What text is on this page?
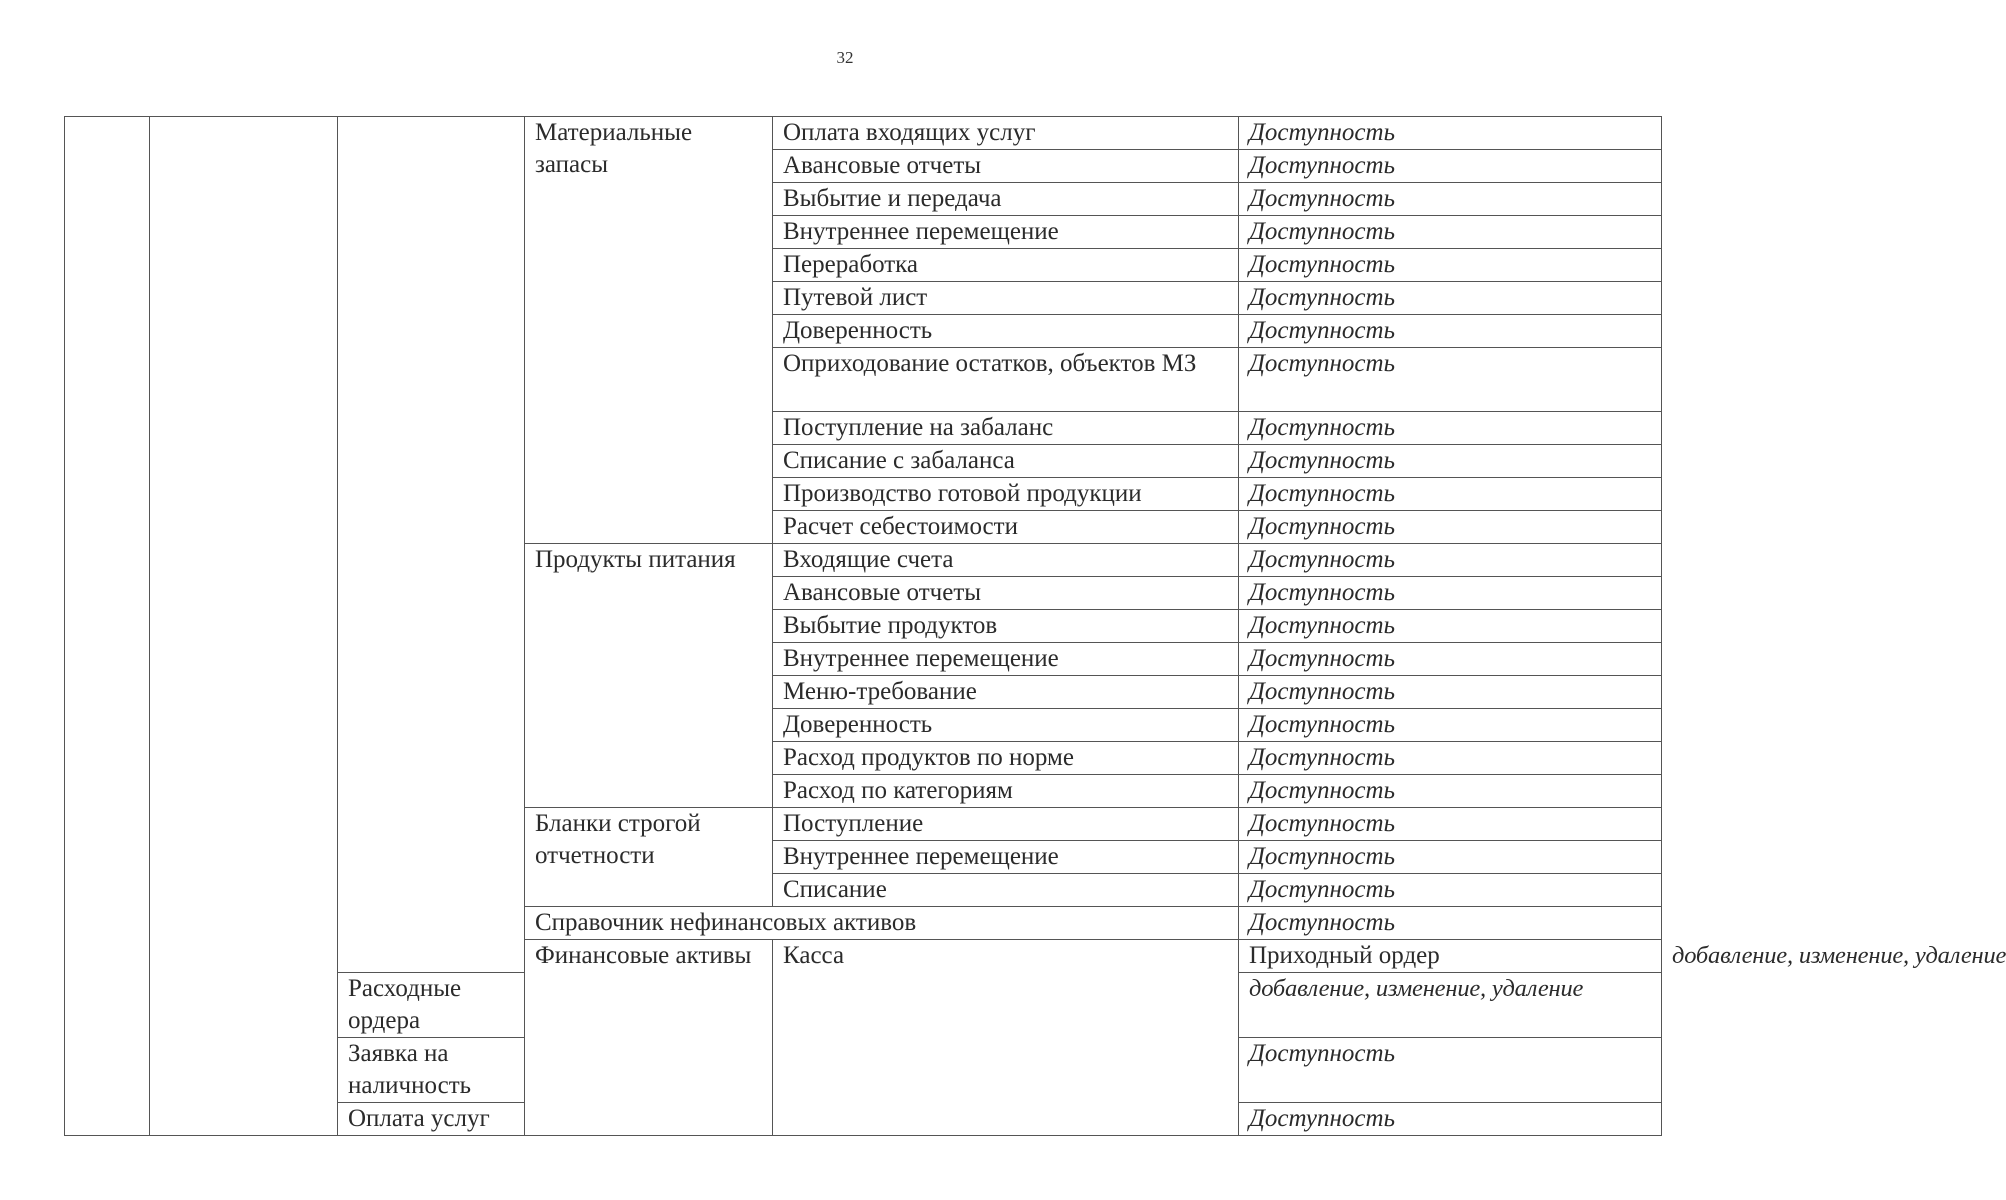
32
			Материальные запасы	Оплата входящих услуг	Доступность	
				Авансовые отчеты	Доступность	
				Выбытие и передача	Доступность	
				Внутреннее перемещение	Доступность	
				Переработка	Доступность	
				Путевой лист	Доступность	
				Доверенность	Доступность	
				Оприходование остатков, объектов МЗ	Доступность	
				Поступление на забаланс	Доступность	
				Списание с забаланса	Доступность	
				Производство готовой продукции	Доступность	
				Расчет себестоимости	Доступность	
			Продукты питания	Входящие счета	Доступность	
				Авансовые отчеты	Доступность	
				Выбытие продуктов	Доступность	
				Внутреннее перемещение	Доступность	
				Меню-требование	Доступность	
				Доверенность	Доступность	
				Расход продуктов по норме	Доступность	
				Расход по категориям	Доступность	
			Бланки строгой отчетности	Поступление	Доступность	
				Внутреннее перемещение	Доступность	
				Списание	Доступность	
			Справочник нефинансовых активов		Доступность	
			Финансовые активы	Касса	Приходный ордер	добавление, изменение, удаление
		Расходные ордера			добавление, изменение, удаление	
		Заявка на наличность			Доступность	
		Оплата услуг			Доступность	
